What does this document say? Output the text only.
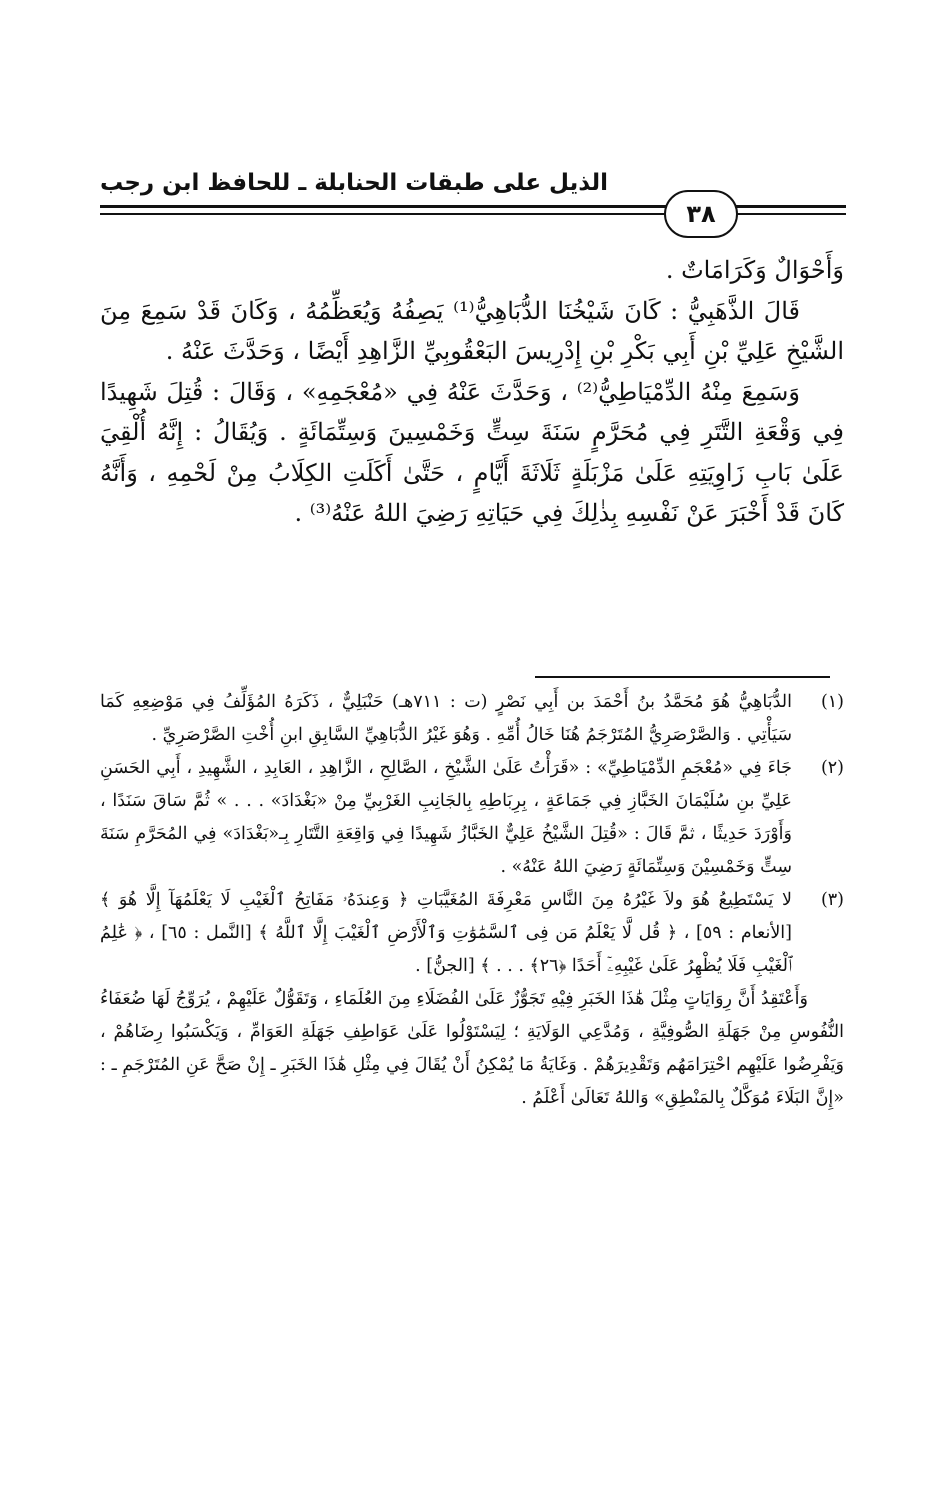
الذيل على طبقات الحنابلة ـ للحافظ ابن رجب
٣٨

وَأَحْوَالٌ وَكَرَامَاتٌ .

قَالَ الذَّهَبِيُّ : كَانَ شَيْخُنَا الدُّبَاهِيُّ⁽¹⁾ يَصِفُهُ وَيُعَظِّمُهُ ، وَكَانَ قَدْ سَمِعَ مِنَ الشَّيْخِ عَلِيِّ بْنِ أَبِي بَكْرِ بْنِ إِدْرِيسَ البَعْقُوبِيِّ الزَّاهِدِ أَيْضًا ، وَحَدَّثَ عَنْهُ .

وَسَمِعَ مِنْهُ الدِّمْيَاطِيُّ⁽²⁾ ، وَحَدَّثَ عَنْهُ فِي «مُعْجَمِهِ» ، وَقَالَ : قُتِلَ شَهِيدًا فِي وَقْعَةِ التَّتَرِ فِي مُحَرَّمٍ سَنَةَ سِتٍّ وَخَمْسِينَ وَسِتِّمَائَةٍ . وَيُقَالُ : إِنَّهُ أُلْقِيَ عَلَىٰ بَابِ زَاوِيَتِهِ عَلَىٰ مَزْبَلَةٍ ثَلَاثَةَ أَيَّامٍ ، حَتَّىٰ أَكَلَتِ الكِلَابُ مِنْ لَحْمِهِ ، وَأَنَّهُ كَانَ قَدْ أَخْبَرَ عَنْ نَفْسِهِ بِذٰلِكَ فِي حَيَاتِهِ رَضِيَ اللهُ عَنْهُ⁽³⁾ .

(١)
الدُّبَاهِيُّ هُوَ مُحَمَّدُ بنُ أَحْمَدَ بن أَبِي نَصْرٍ (ت : ٧١١هـ) حَنْبَلِيٌّ ، ذَكَرَهُ المُؤَلِّفُ فِي مَوْضِعِهِ كَمَا سَيَأْتِي . وَالصَّرْصَرِيُّ المُتَرْجَمُ هُنَا خَالُ أُمِّهِ . وَهُوَ غَيْرُ الدُّبَاهِيِّ السَّابِقِ ابنِ أُخْتِ الصَّرْصَرِيِّ .
(٢)
جَاءَ فِي «مُعْجَمِ الدِّمْيَاطِيِّ» : «قَرَأْتُ عَلَىٰ الشَّيْخِ ، الصَّالِحِ ، الزَّاهِدِ ، العَابِدِ ، الشَّهِيدِ ، أَبِي الحَسَنِ عَلِيِّ بنِ سُلَيْمَانَ الخَبَّازِ فِي جَمَاعَةٍ ، بِرِبَاطِهِ بِالجَانِبِ الغَرْبِيِّ مِنْ «بَغْدَادَ» . . . » ثُمَّ سَاقَ سَنَدًا ، وَأَوْرَدَ حَدِيثًا ، ثمَّ قَالَ : «قُتِلَ الشَّيْخُ عَلِيٌّ الخَبَّازُ شَهِيدًا فِي وَاقِعَةِ التَّتَارِ بِـ«بَغْدَادَ» فِي المُحَرَّمِ سَنَةَ سِتٍّ وَخَمْسِيْنَ وَسِتِّمَائَةٍ رَضِيَ اللهُ عَنْهُ» .
(٣)
لا يَسْتَطِيعُ هُوَ ولاَ غَيْرُهُ مِنَ النَّاسِ مَعْرِفَةَ المُغَيَّبَاتِ ﴿ وَعِندَهُۥ مَفَاتِحُ ٱلْغَيْبِ لَا يَعْلَمُهَآ إِلَّا هُوَ ﴾ [الأنعام : ٥٩] ، ﴿ قُل لَّا يَعْلَمُ مَن فِى ٱلسَّمَٰوَٰتِ وَٱلْأَرْضِ ٱلْغَيْبَ إِلَّا ٱللَّهُ ﴾ [النَّمل : ٦٥] ، ﴿ عَٰلِمُ ٱلْغَيْبِ فَلَا يُظْهِرُ عَلَىٰ غَيْبِهِۦٓ أَحَدًا ﴿٢٦﴾ . . . ﴾ [الجنُّ] .

وَأَعْتَقِدُ أَنَّ رِوَايَاتٍ مِثْلَ هَٰذَا الخَبَرِ فِيْهِ تَجَوُّزٌ عَلَىٰ الفُضَلَاءِ مِنَ العُلَمَاءِ ، وَتَقَوُّلٌ عَلَيْهِمْ ، يُرَوِّجُ لَهَا ضُعَفَاءُ النُّفُوسِ مِنْ جَهَلَةِ الصُّوفِيَّةِ ، وَمُدَّعِي الوَلَايَةِ ؛ لِيَسْتَوْلُوا عَلَىٰ عَوَاطِفِ جَهَلَةِ العَوَامِّ ، وَيَكْسَبُوا رِضَاهُمْ ، وَيَفْرِضُوا عَلَيْهِم احْتِرَامَهُم وَتَقْدِيرَهُمْ . وَغَايَةُ مَا يُمْكِنُ أَنْ يُقَالَ فِي مِثْلِ هَٰذَا الخَبَرِ ـ إِنْ صَحَّ عَنِ المُتَرْجَمِ ـ : «إِنَّ البَلَاءَ مُوَكَّلٌ بِالمَنْطِقِ» وَاللهُ تَعَالَىٰ أَعْلَمُ .
